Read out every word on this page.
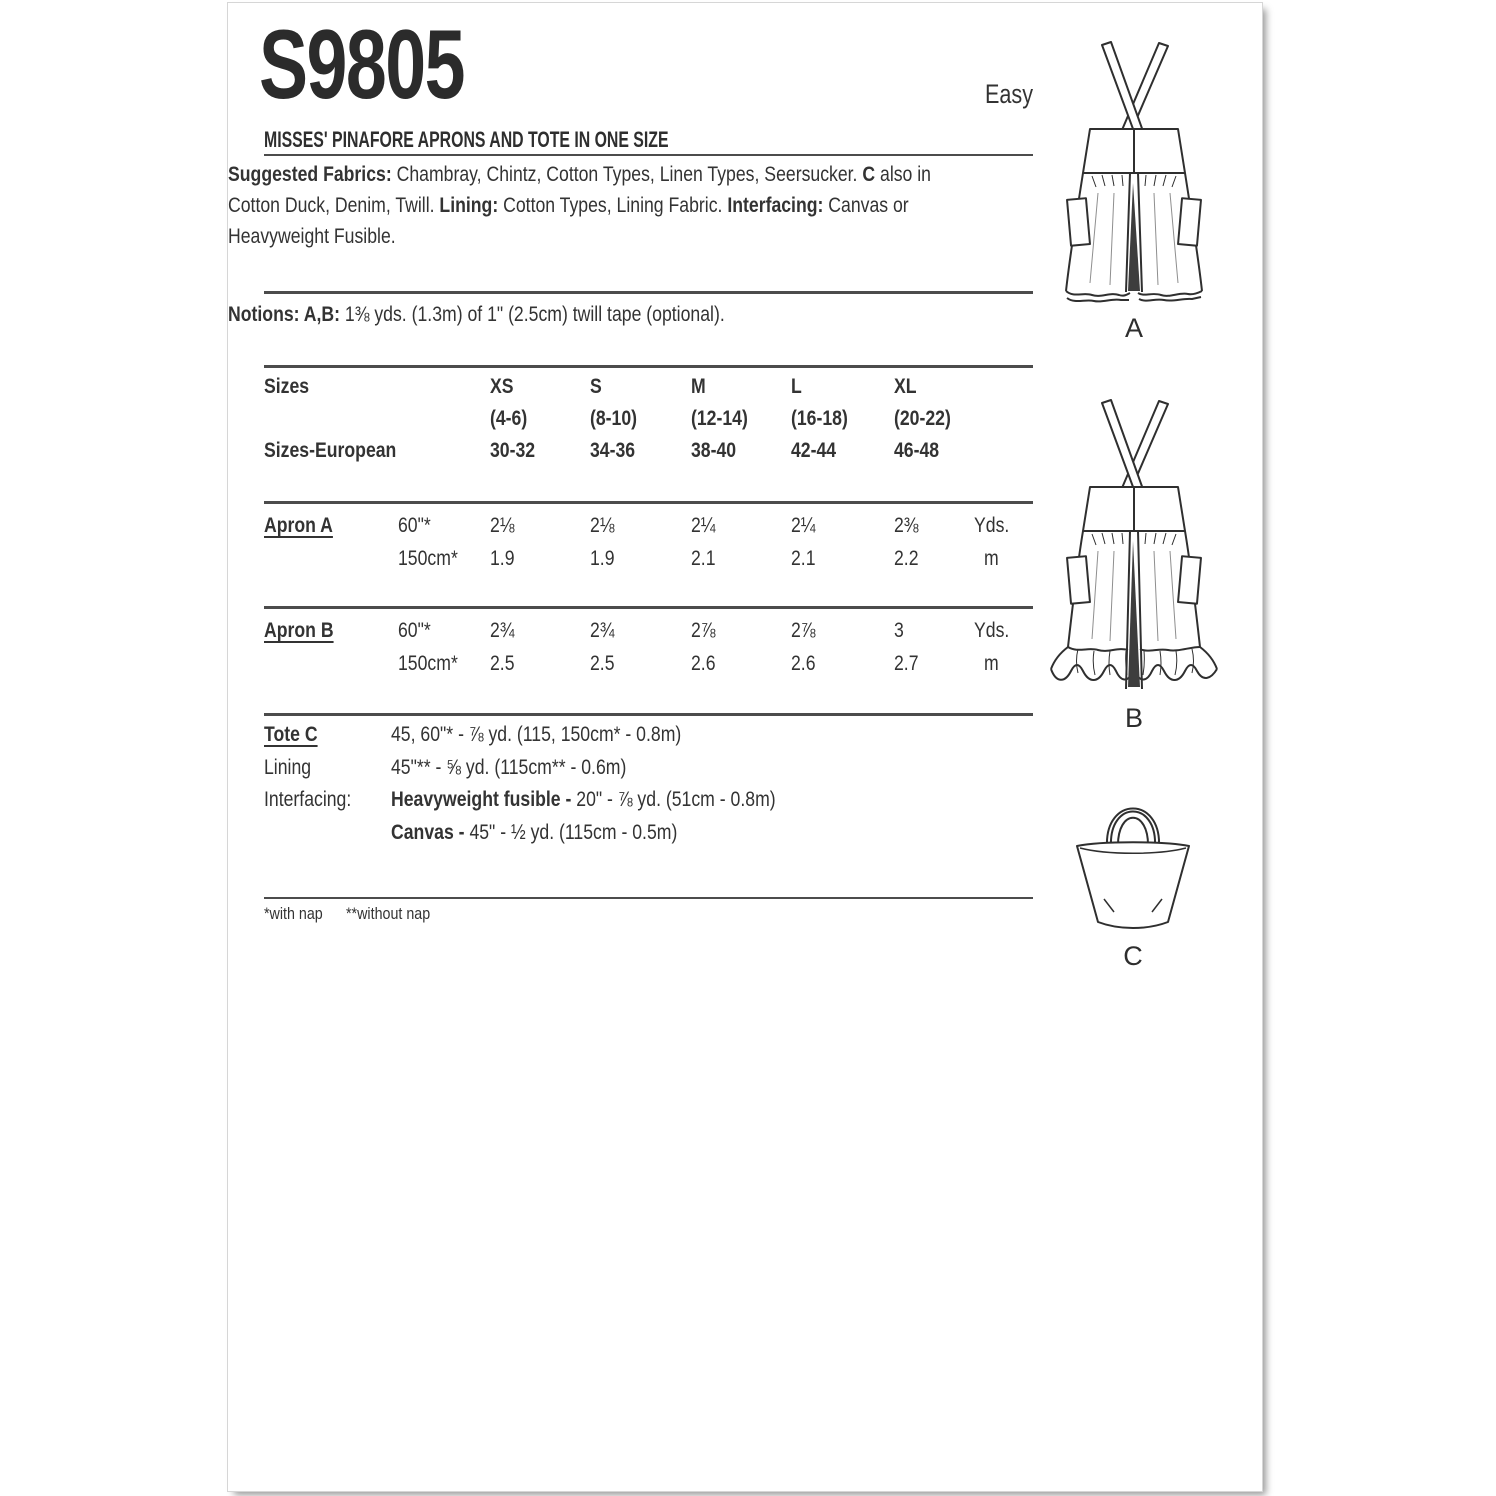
S9805	Easy
MISSES' PINAFORE APRONS AND TOTE IN ONE SIZE
Suggested Fabrics: Chambray, Chintz, Cotton Types, Linen Types, Seersucker. C also in
Cotton Duck, Denim, Twill. Lining: Cotton Types, Lining Fabric. Interfacing: Canvas or
Heavyweight Fusible.
Notions: A,B: 1⅜ yds. (1.3m) of 1" (2.5cm) twill tape (optional).
Sizes	XS	S	M	L	XL
(4-6)	(8-10)	(12-14) (16-18) (20-22)
Sizes-European	30-32	34-36	38-40	42-44	46-48
Apron A	60"*	2⅛	2⅛	2¼	2¼	2⅜	Yds.
150cm* 1.9	1.9	2.1	2.1	2.2	m
Apron B	60"*	2¾	2¾	2⅞	2⅞	3	Yds.
150cm* 2.5	2.5	2.6	2.6	2.7	m
Tote C	45, 60"* - ⅞ yd. (115, 150cm* - 0.8m)
Lining	45"** - ⅝ yd. (115cm** - 0.6m)
Interfacing: Heavyweight fusible - 20" - ⅞ yd. (51cm - 0.8m)
Canvas - 45" - ½ yd. (115cm - 0.5m)
*with nap **without nap
A
B
C
